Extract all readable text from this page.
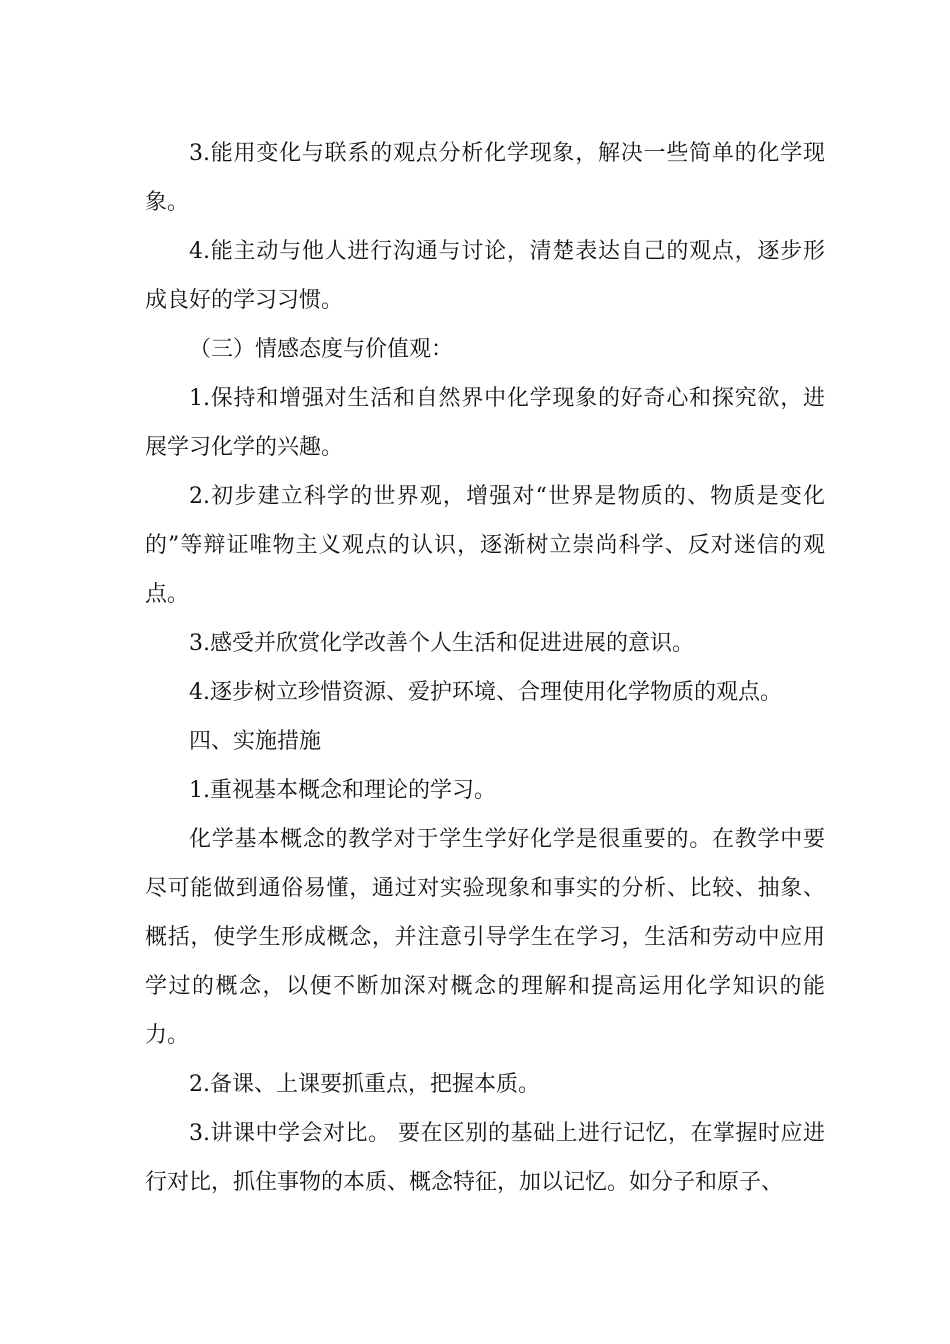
3.能用变化与联系的观点分析化学现象，解决一些简单的化学现象。

4.能主动与他人进行沟通与讨论，清楚表达自己的观点，逐步形成良好的学习习惯。

（三）情感态度与价值观：

1.保持和增强对生活和自然界中化学现象的好奇心和探究欲，进展学习化学的兴趣。

2.初步建立科学的世界观，增强对“世界是物质的、物质是变化的”等辩证唯物主义观点的认识，逐渐树立崇尚科学、反对迷信的观点。

3.感受并欣赏化学改善个人生活和促进进展的意识。

4.逐步树立珍惜资源、爱护环境、合理使用化学物质的观点。

四、实施措施

1.重视基本概念和理论的学习。

化学基本概念的教学对于学生学好化学是很重要的。在教学中要尽可能做到通俗易懂，通过对实验现象和事实的分析、比较、抽象、概括，使学生形成概念，并注意引导学生在学习，生活和劳动中应用学过的概念，以便不断加深对概念的理解和提高运用化学知识的能力。

2.备课、上课要抓重点，把握本质。

3.讲课中学会对比。 要在区别的基础上进行记忆，在掌握时应进行对比，抓住事物的本质、概念特征，加以记忆。如分子和原子、
